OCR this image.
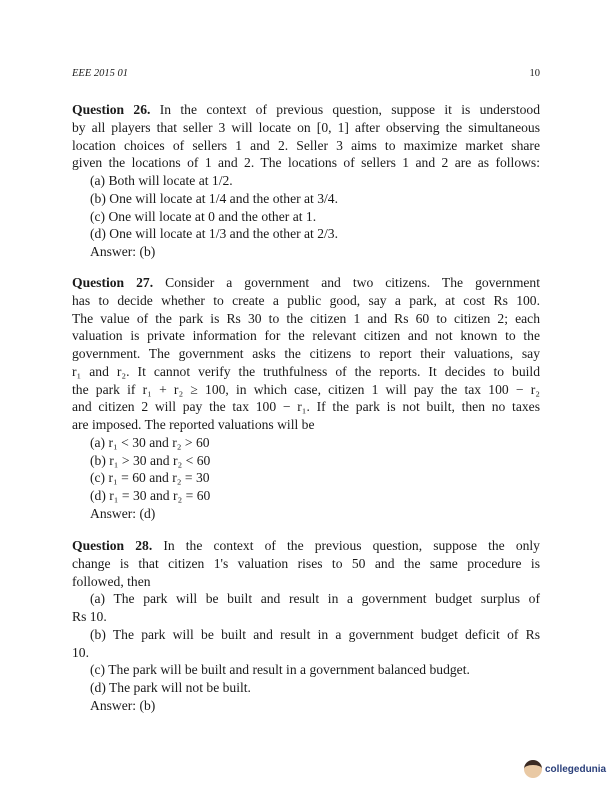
EEE 2015 01	10
Question 26. In the context of previous question, suppose it is understood
by all players that seller 3 will locate on [0, 1] after observing the simultaneous
location choices of sellers 1 and 2. Seller 3 aims to maximize market share
given the locations of 1 and 2. The locations of sellers 1 and 2 are as follows:
(a) Both will locate at 1/2.
(b) One will locate at 1/4 and the other at 3/4.
(c) One will locate at 0 and the other at 1.
(d) One will locate at 1/3 and the other at 2/3.
Answer: (b)
Question 27. Consider a government and two citizens. The government
has to decide whether to create a public good, say a park, at cost Rs 100.
The value of the park is Rs 30 to the citizen 1 and Rs 60 to citizen 2; each
valuation is private information for the relevant citizen and not known to the
government. The government asks the citizens to report their valuations, say
r₁ and r₂. It cannot verify the truthfulness of the reports. It decides to build
the park if r₁ + r₂ ≥ 100, in which case, citizen 1 will pay the tax 100 − r₂
and citizen 2 will pay the tax 100 − r₁. If the park is not built, then no taxes
are imposed. The reported valuations will be
(a) r₁ < 30 and r₂ > 60
(b) r₁ > 30 and r₂ < 60
(c) r₁ = 60 and r₂ = 30
(d) r₁ = 30 and r₂ = 60
Answer: (d)
Question 28. In the context of the previous question, suppose the only
change is that citizen 1's valuation rises to 50 and the same procedure is
followed, then
(a) The park will be built and result in a government budget surplus of
Rs 10.
(b) The park will be built and result in a government budget deficit of Rs
10.
(c) The park will be built and result in a government balanced budget.
(d) The park will not be built.
Answer: (b)
collegedunia
